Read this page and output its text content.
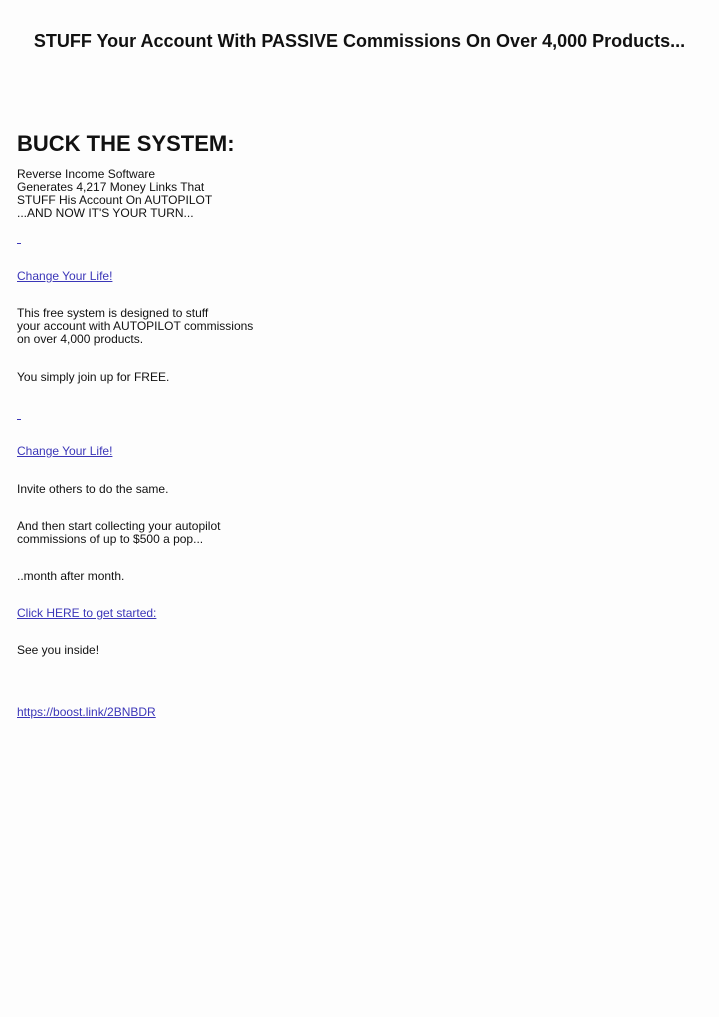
STUFF Your Account With PASSIVE Commissions On Over 4,000 Products...
BUCK THE SYSTEM:
Reverse Income Software
Generates 4,217 Money Links That
STUFF His Account On AUTOPILOT
...AND NOW IT'S YOUR TURN...
Change Your Life!
This free system is designed to stuff
your account with AUTOPILOT commissions
on over 4,000 products.
You simply join up for FREE.
Change Your Life!
Invite others to do the same.
And then start collecting your autopilot
commissions of up to $500 a pop...
..month after month.
Click HERE to get started:
See you inside!
https://boost.link/2BNBDR
